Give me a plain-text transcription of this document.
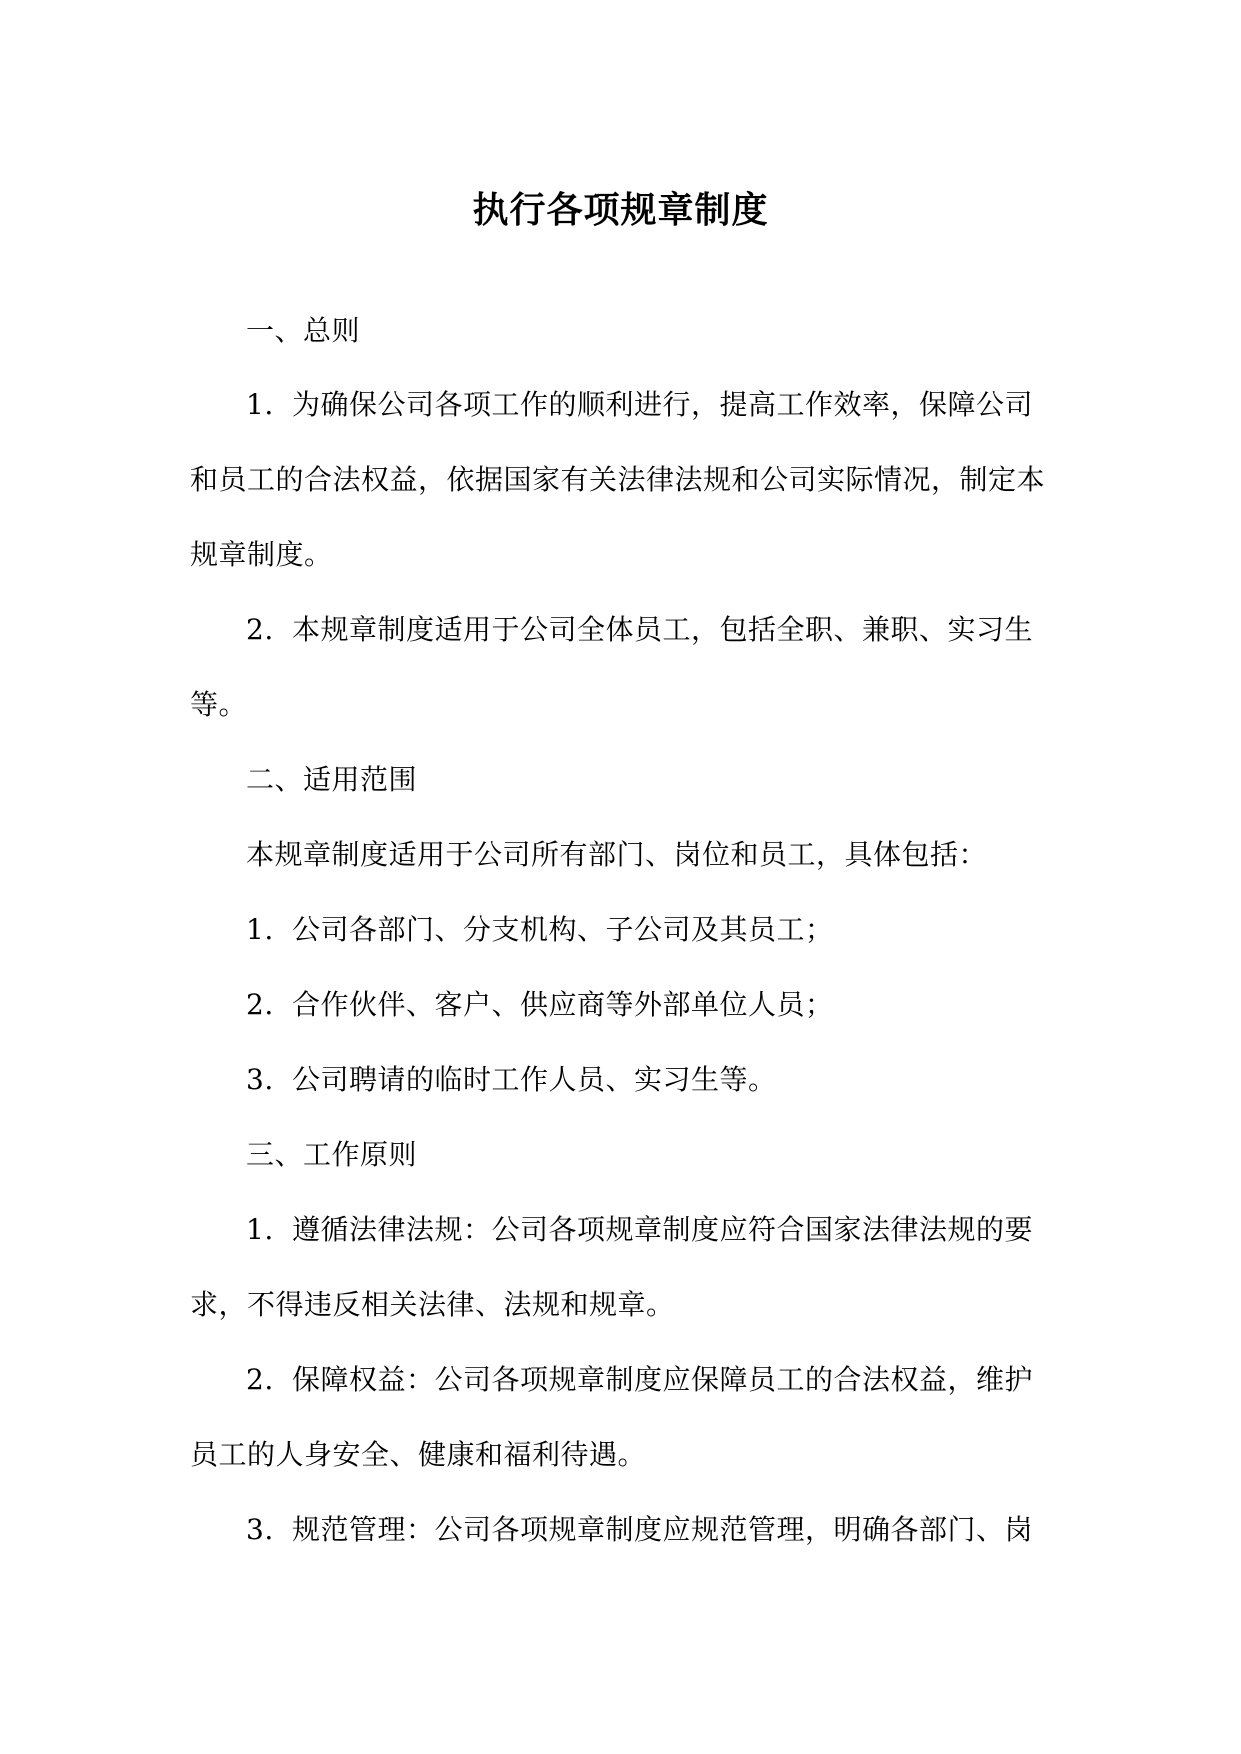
执行各项规章制度
一、总则
1. 为确保公司各项工作的顺利进行，提高工作效率，保障公司
和员工的合法权益，依据国家有关法律法规和公司实际情况，制定本
规章制度。
2. 本规章制度适用于公司全体员工，包括全职、兼职、实习生
等。
二、适用范围
本规章制度适用于公司所有部门、岗位和员工，具体包括：
1. 公司各部门、分支机构、子公司及其员工；
2. 合作伙伴、客户、供应商等外部单位人员；
3. 公司聘请的临时工作人员、实习生等。
三、工作原则
1. 遵循法律法规：公司各项规章制度应符合国家法律法规的要
求，不得违反相关法律、法规和规章。
2. 保障权益：公司各项规章制度应保障员工的合法权益，维护
员工的人身安全、健康和福利待遇。
3. 规范管理：公司各项规章制度应规范管理，明确各部门、岗
